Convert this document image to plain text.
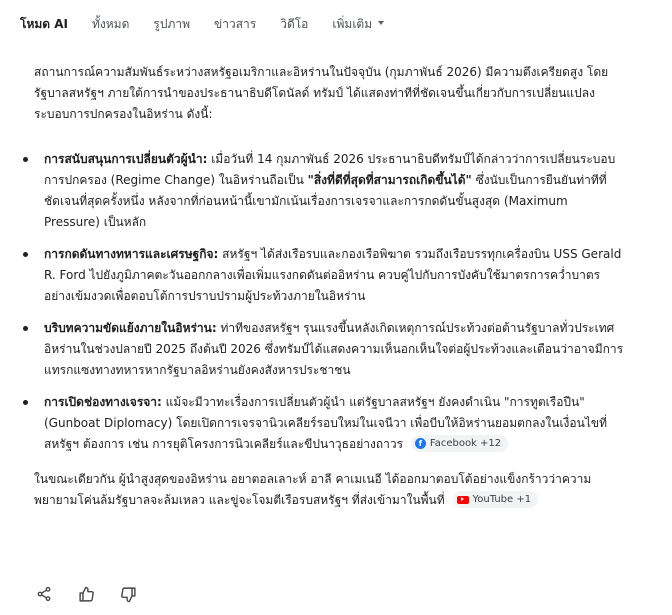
โหมด AI ทั้งหมด รูปภาพ ข่าวสาร วิดีโอ เพิ่มเติม

สถานการณ์ความสัมพันธ์ระหว่างสหรัฐอเมริกาและอิหร่านในปัจจุบัน (กุมภาพันธ์ 2026) มีความตึงเครียดสูง โดยรัฐบาลสหรัฐฯ ภายใต้การนำของประธานาธิบดีโดนัลด์ ทรัมป์ ได้แสดงท่าทีที่ชัดเจนขึ้นเกี่ยวกับการเปลี่ยนแปลงระบอบการปกครองในอิหร่าน ดังนี้:

การสนับสนุนการเปลี่ยนตัวผู้นำ: เมื่อวันที่ 14 กุมภาพันธ์ 2026 ประธานาธิบดีทรัมป์ได้กล่าวว่าการเปลี่ยนระบอบการปกครอง (Regime Change) ในอิหร่านถือเป็น "สิ่งที่ดีที่สุดที่สามารถเกิดขึ้นได้" ซึ่งนับเป็นการยืนยันท่าทีที่ชัดเจนที่สุดครั้งหนึ่ง หลังจากที่ก่อนหน้านี้เขามักเน้นเรื่องการเจรจาและการกดดันขั้นสูงสุด (Maximum Pressure) เป็นหลัก
การกดดันทางทหารและเศรษฐกิจ: สหรัฐฯ ได้ส่งเรือรบและกองเรือพิฆาต รวมถึงเรือบรรทุกเครื่องบิน USS Gerald R. Ford ไปยังภูมิภาคตะวันออกกลางเพื่อเพิ่มแรงกดดันต่ออิหร่าน ควบคู่ไปกับการบังคับใช้มาตรการคว่ำบาตรอย่างเข้มงวดเพื่อตอบโต้การปราบปรามผู้ประท้วงภายในอิหร่าน
บริบทความขัดแย้งภายในอิหร่าน: ท่าทีของสหรัฐฯ รุนแรงขึ้นหลังเกิดเหตุการณ์ประท้วงต่อต้านรัฐบาลทั่วประเทศอิหร่านในช่วงปลายปี 2025 ถึงต้นปี 2026 ซึ่งทรัมป์ได้แสดงความเห็นอกเห็นใจต่อผู้ประท้วงและเตือนว่าอาจมีการแทรกแซงทางทหารหากรัฐบาลอิหร่านยังคงสังหารประชาชน
การเปิดช่องทางเจรจา: แม้จะมีวาทะเรื่องการเปลี่ยนตัวผู้นำ แต่รัฐบาลสหรัฐฯ ยังคงดำเนิน "การทูตเรือปืน" (Gunboat Diplomacy) โดยเปิดการเจรจานิวเคลียร์รอบใหม่ในเจนีวา เพื่อบีบให้อิหร่านยอมตกลงในเงื่อนไขที่สหรัฐฯ ต้องการ เช่น การยุติโครงการนิวเคลียร์และขีปนาวุธอย่างถาวร	f Facebook +12

ในขณะเดียวกัน ผู้นำสูงสุดของอิหร่าน อยาตอลเลาะห์ อาลี คาเมเนอี ได้ออกมาตอบโต้อย่างแข็งกร้าวว่าความพยายามโค่นล้มรัฐบาลจะล้มเหลว และขู่จะโจมตีเรือรบสหรัฐฯ ที่ส่งเข้ามาในพื้นที่	YouTube +1
